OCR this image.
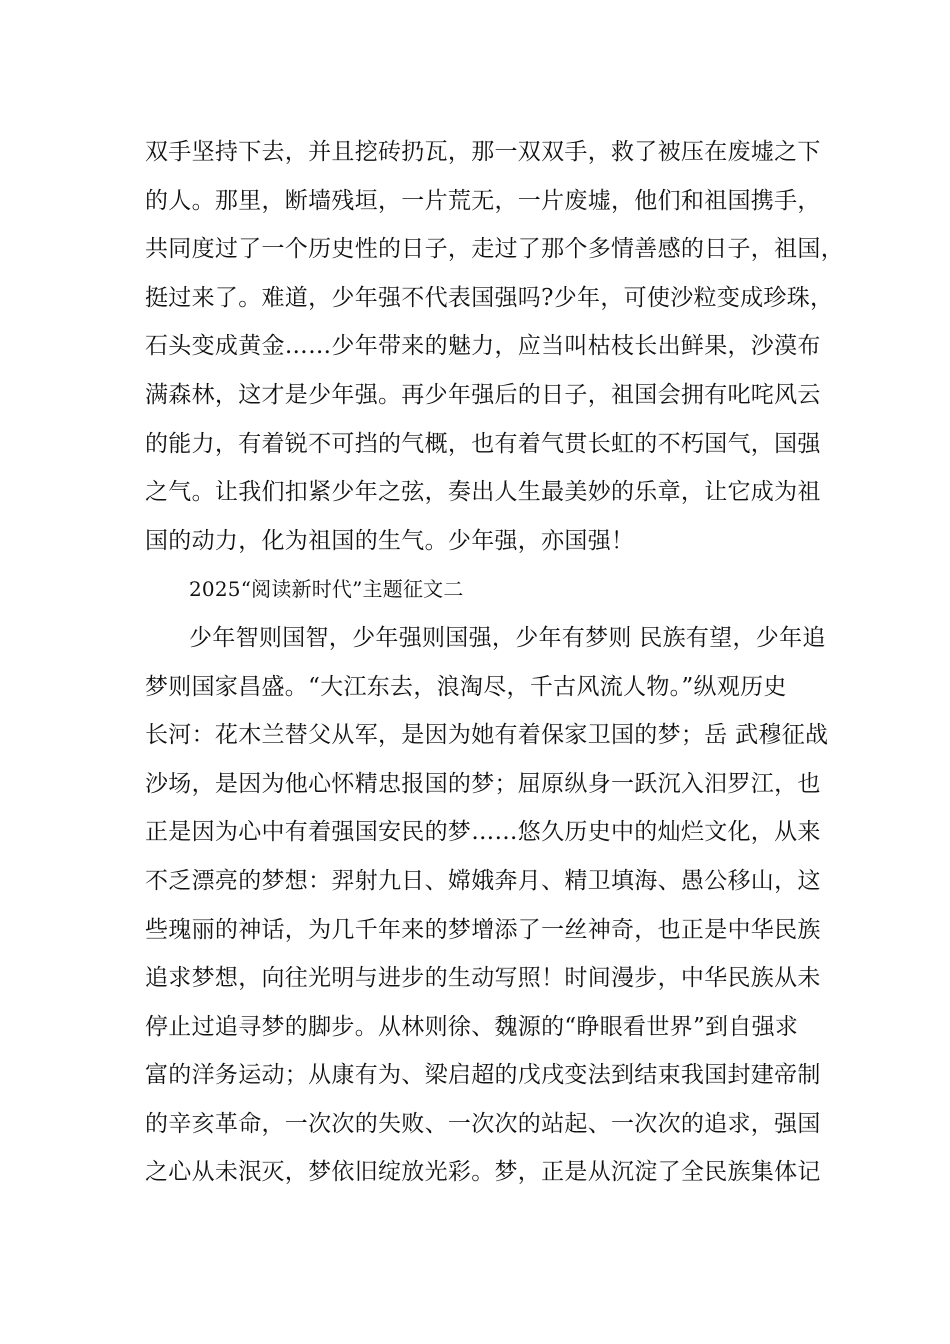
双手坚持下去，并且挖砖扔瓦，那一双双手，救了被压在废墟之下
的人。那里，断墙残垣，一片荒无，一片废墟，他们和祖国携手，
共同度过了一个历史性的日子，走过了那个多情善感的日子，祖国，
挺过来了。难道，少年强不代表国强吗?少年，可使沙粒变成珍珠，
石头变成黄金……少年带来的魅力，应当叫枯枝长出鲜果，沙漠布
满森林，这才是少年强。再少年强后的日子，祖国会拥有叱咤风云
的能力，有着锐不可挡的气概，也有着气贯长虹的不朽国气，国强
之气。让我们扣紧少年之弦，奏出人生最美妙的乐章，让它成为祖
国的动力，化为祖国的生气。少年强，亦国强！
2025“阅读新时代”主题征文二
少年智则国智，少年强则国强，少年有梦则 民族有望，少年追
梦则国家昌盛。“大江东去，浪淘尽，千古风流人物。”纵观历史
长河：花木兰替父从军，是因为她有着保家卫国的梦；岳 武穆征战
沙场，是因为他心怀精忠报国的梦；屈原纵身一跃沉入汨罗江，也
正是因为心中有着强国安民的梦……悠久历史中的灿烂文化，从来
不乏漂亮的梦想：羿射九日、嫦娥奔月、精卫填海、愚公移山，这
些瑰丽的神话，为几千年来的梦增添了一丝神奇，也正是中华民族
追求梦想，向往光明与进步的生动写照！时间漫步，中华民族从未
停止过追寻梦的脚步。从林则徐、魏源的“睁眼看世界”到自强求
富的洋务运动；从康有为、梁启超的戊戌变法到结束我国封建帝制
的辛亥革命，一次次的失败、一次次的站起、一次次的追求，强国
之心从未泯灭，梦依旧绽放光彩。梦，正是从沉淀了全民族集体记
